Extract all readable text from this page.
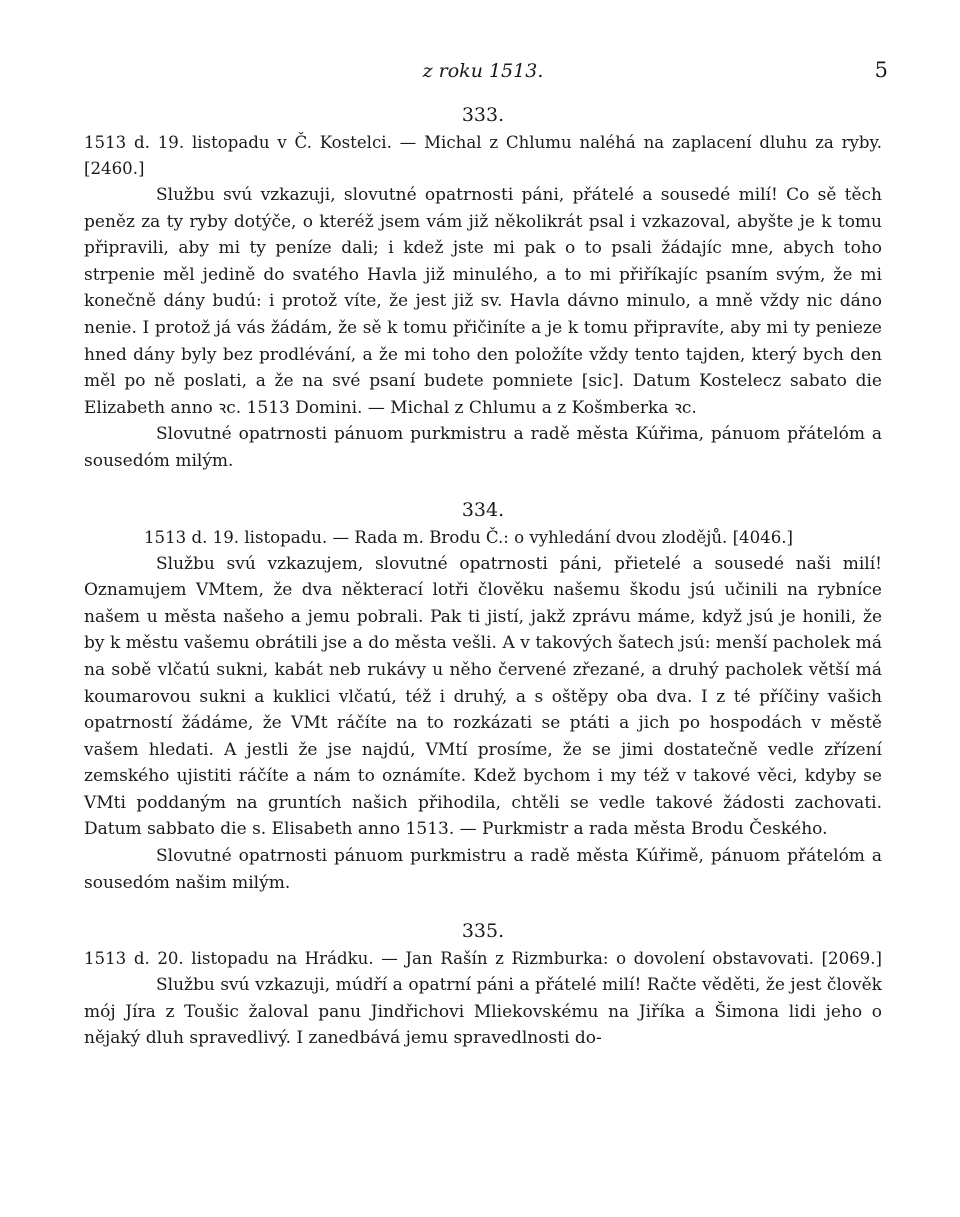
z roku 1513.	5
333.
1513 d. 19. listopadu v Č. Kostelci. — Michal z Chlumu naléhá na zaplacení dluhu za ryby. [2460.]

Službu svú vzkazuji, slovutné opatrnosti páni, přátelé a sousedé milí! Co sě těch peněz za ty ryby dotýče, o kteréž jsem vám již několikrát psal i vzkazoval, abyšte je k tomu připravili, aby mi ty peníze dali; i kdež jste mi pak o to psali žádajíc mne, abych toho strpenie měl jedině do svatého Havla již minulého, a to mi přiříkajíc psaním svým, že mi konečně dány budú: i protož víte, že jest již sv. Havla dávno minulo, a mně vždy nic dáno nenie. I protož já vás žádám, že sě k tomu přičiníte a je k tomu připravíte, aby mi ty penieze hned dány byly bez prodlévání, a že mi toho den položíte vždy tento tajden, který bych den měl po ně poslati, a že na své psaní budete pomniete [sic]. Datum Kostelecz sabato die Elizabeth anno ꝛc. 1513 Domini. — Michal z Chlumu a z Košmberka ꝛc.

Slovutné opatrnosti pánuom purkmistru a radě města Kúřima, pánuom přátelóm a sousedóm milým.

334.
1513 d. 19. listopadu. — Rada m. Brodu Č.: o vyhledání dvou zlodějů. [4046.]

Službu svú vzkazujem, slovutné opatrnosti páni, přietelé a sousedé naši milí! Oznamujem VMtem, že dva některací lotři člověku našemu škodu jsú učinili na rybníce našem u města našeho a jemu pobrali. Pak ti jistí, jakž zprávu máme, když jsú je honili, že by k městu vašemu obrátili jse a do města vešli. A v takových šatech jsú: menší pacholek má na sobě vlčatú sukni, kabát neb rukávy u něho červené zřezané, a druhý pacholek větší má koumarovou sukni a kuklici vlčatú, též i druhý, a s oštěpy oba dva. I z té příčiny vašich opatrností žádáme, že VMt ráčíte na to rozkázati se ptáti a jich po hospodách v městě vašem hledati. A jestli že jse najdú, VMtí prosíme, že se jimi dostatečně vedle zřízení zemského ujistiti ráčíte a nám to oznámíte. Kdež bychom i my též v takové věci, kdyby se VMti poddaným na gruntích našich přihodila, chtěli se vedle takové žádosti zachovati. Datum sabbato die s. Elisabeth anno 1513. — Purkmistr a rada města Brodu Českého.

Slovutné opatrnosti pánuom purkmistru a radě města Kúřimě, pánuom přátelóm a sousedóm našim milým.

335.
1513 d. 20. listopadu na Hrádku. — Jan Rašín z Rizmburka: o dovolení obstavovati. [2069.]

Službu svú vzkazuji, múdří a opatrní páni a přátelé milí! Račte věděti, že jest člověk mój Jíra z Toušic žaloval panu Jindřichovi Mliekovskému na Jiříka a Šimona lidi jeho o nějaký dluh spravedlivý. I zanedbává jemu spravedlnosti do-
